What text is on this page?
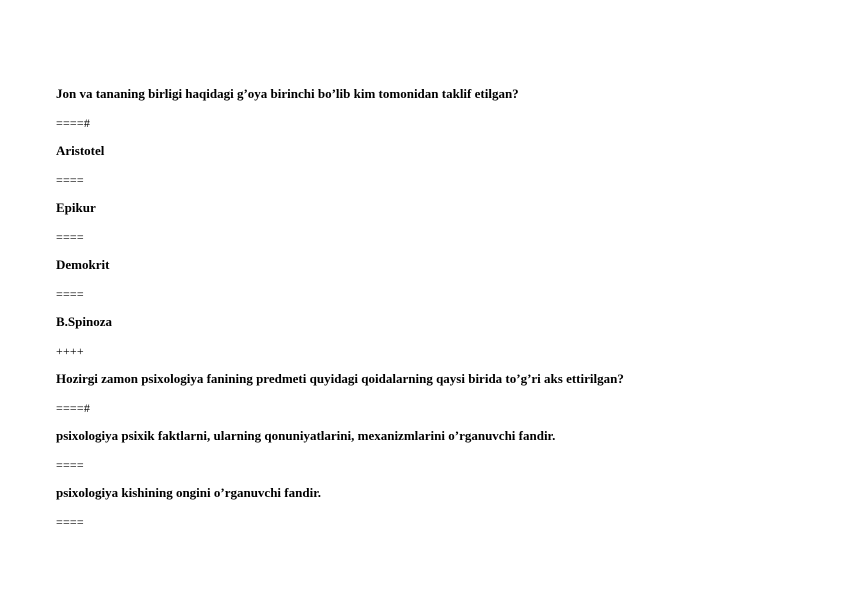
Jon va tananing birligi haqidagi g’oya birinchi bo’lib kim tomonidan taklif etilgan?
====#
Aristotel
====
Epikur
====
Demokrit
====
B.Spinoza
++++
Hozirgi zamon psixologiya fanining predmeti quyidagi qoidalarning qaysi birida to’g’ri aks ettirilgan?
====#
psixologiya psixik faktlarni, ularning qonuniyatlarini, mexanizmlarini o’rganuvchi fandir.
====
psixologiya kishining ongini o’rganuvchi fandir.
====
